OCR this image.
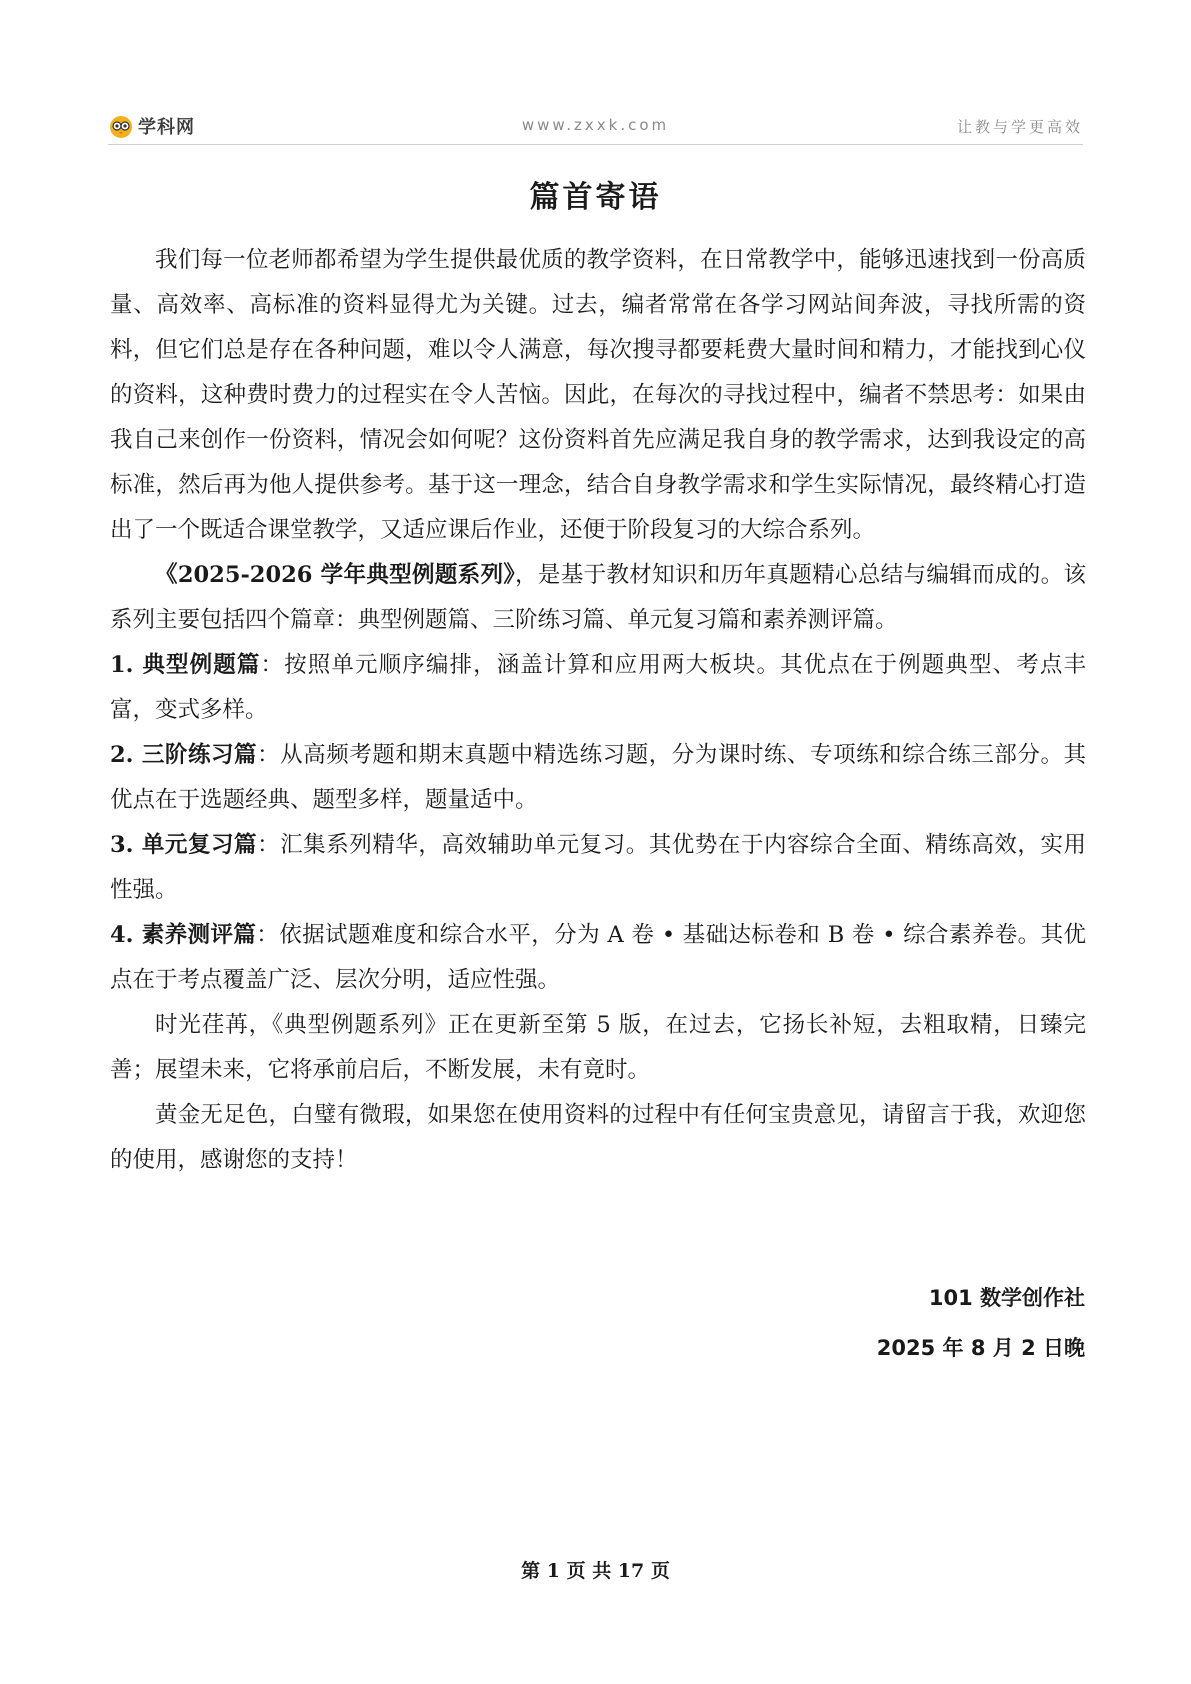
学科网	www.zxxk.com	让教与学更高效
篇首寄语

我们每一位老师都希望为学生提供最优质的教学资料，在日常教学中，能够迅速找到一份高质量、高效率、高标准的资料显得尤为关键。过去，编者常常在各学习网站间奔波，寻找所需的资料，但它们总是存在各种问题，难以令人满意，每次搜寻都要耗费大量时间和精力，才能找到心仪的资料，这种费时费力的过程实在令人苦恼。因此，在每次的寻找过程中，编者不禁思考：如果由我自己来创作一份资料，情况会如何呢？这份资料首先应满足我自身的教学需求，达到我设定的高标准，然后再为他人提供参考。基于这一理念，结合自身教学需求和学生实际情况，最终精心打造出了一个既适合课堂教学，又适应课后作业，还便于阶段复习的大综合系列。

《2025-2026 学年典型例题系列》，是基于教材知识和历年真题精心总结与编辑而成的。该系列主要包括四个篇章：典型例题篇、三阶练习篇、单元复习篇和素养测评篇。

1. 典型例题篇：按照单元顺序编排，涵盖计算和应用两大板块。其优点在于例题典型、考点丰富，变式多样。

2. 三阶练习篇：从高频考题和期末真题中精选练习题，分为课时练、专项练和综合练三部分。其优点在于选题经典、题型多样，题量适中。

3. 单元复习篇：汇集系列精华，高效辅助单元复习。其优势在于内容综合全面、精练高效，实用性强。

4. 素养测评篇：依据试题难度和综合水平，分为 A 卷 • 基础达标卷和 B 卷 • 综合素养卷。其优点在于考点覆盖广泛、层次分明，适应性强。

时光荏苒，《典型例题系列》正在更新至第 5 版，在过去，它扬长补短，去粗取精，日臻完善；展望未来，它将承前启后，不断发展，未有竟时。

黄金无足色，白璧有微瑕，如果您在使用资料的过程中有任何宝贵意见，请留言于我，欢迎您的使用，感谢您的支持！

101 数学创作社
2025 年 8 月 2 日晚
第 1 页 共 17 页
